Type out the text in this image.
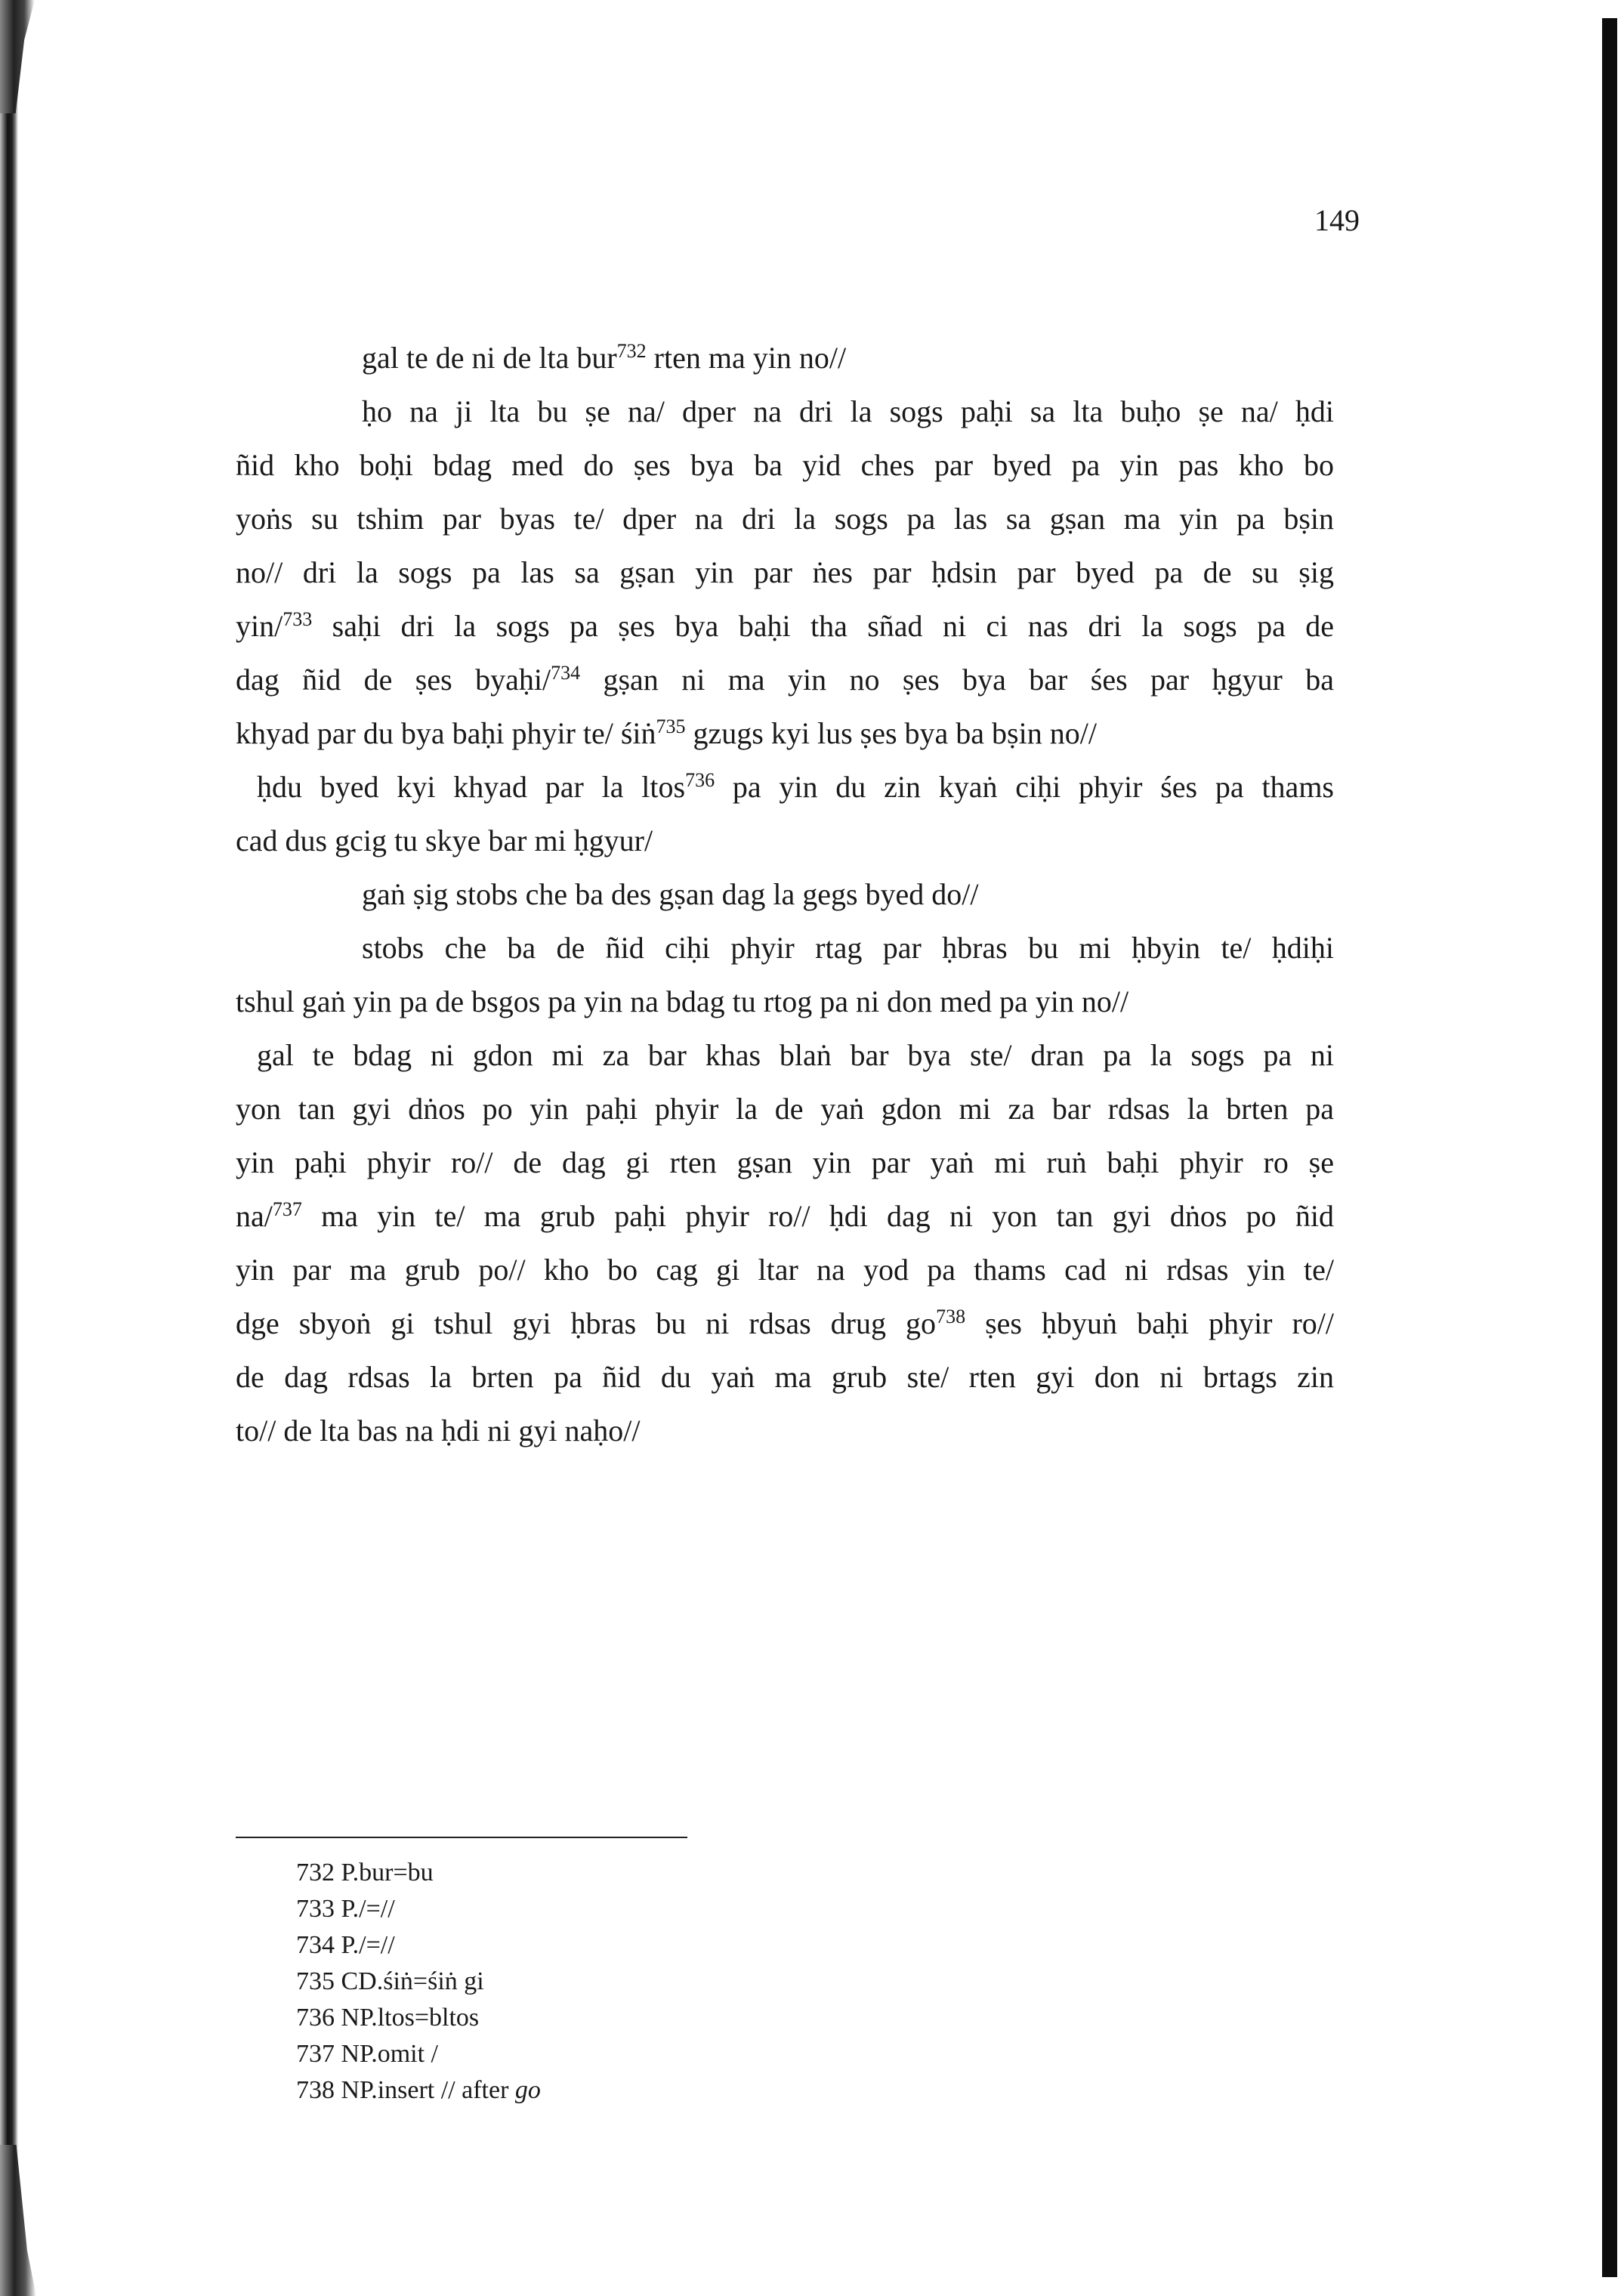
149
gal te de ni de lta bur$^{732}$ rten ma yin no//
ḥo na ji lta bu ṣe na/ dper na dri la sogs paḥi sa lta buḥo ṣe na/ ḥdi
ñid kho boḥi bdag med do ṣes bya ba yid ches par byed pa yin pas kho bo
yoṅs su tshim par byas te/ dper na dri la sogs pa las sa gṣan ma yin pa bṣin
no// dri la sogs pa las sa gṣan yin par ṅes par ḥdsin par byed pa de su ṣig
yin/$^{733}$ saḥi dri la sogs pa ṣes bya baḥi tha sñad ni ci nas dri la sogs pa de
dag ñid de ṣes byaḥi/$^{734}$ gṣan ni ma yin no ṣes bya bar śes par ḥgyur ba
khyad par du bya baḥi phyir te/ śiṅ$^{735}$ gzugs kyi lus ṣes bya ba bṣin no//
ḥdu byed kyi khyad par la ltos$^{736}$ pa yin du zin kyaṅ ciḥi phyir śes pa thams
cad dus gcig tu skye bar mi ḥgyur/
gaṅ ṣig stobs che ba des gṣan dag la gegs byed do//
stobs che ba de ñid ciḥi phyir rtag par ḥbras bu mi ḥbyin te/ ḥdiḥi
tshul gaṅ yin pa de bsgos pa yin na bdag tu rtog pa ni don med pa yin no//
gal te bdag ni gdon mi za bar khas blaṅ bar bya ste/ dran pa la sogs pa ni
yon tan gyi dṅos po yin paḥi phyir la de yaṅ gdon mi za bar rdsas la brten pa
yin paḥi phyir ro// de dag gi rten gṣan yin par yaṅ mi ruṅ baḥi phyir ro ṣe
na/$^{737}$ ma yin te/ ma grub paḥi phyir ro// ḥdi dag ni yon tan gyi dṅos po ñid
yin par ma grub po// kho bo cag gi ltar na yod pa thams cad ni rdsas yin te/
dge sbyoṅ gi tshul gyi ḥbras bu ni rdsas drug $go^{738}$ ṣes ḥbyuṅ baḥi phyir ro//
de dag rdsas la brten pa ñid du yaṅ ma grub ste/ rten gyi don ni brtags zin
to// de lta bas na ḥdi ni gyi naḥo//
732 P.bur=bu
733 P./=//
734 P./=//
735 CD.śiṅ=śiṅ gi
736 NP.ltos=bltos
737 NP.omit /
738 NP.insert // after go
